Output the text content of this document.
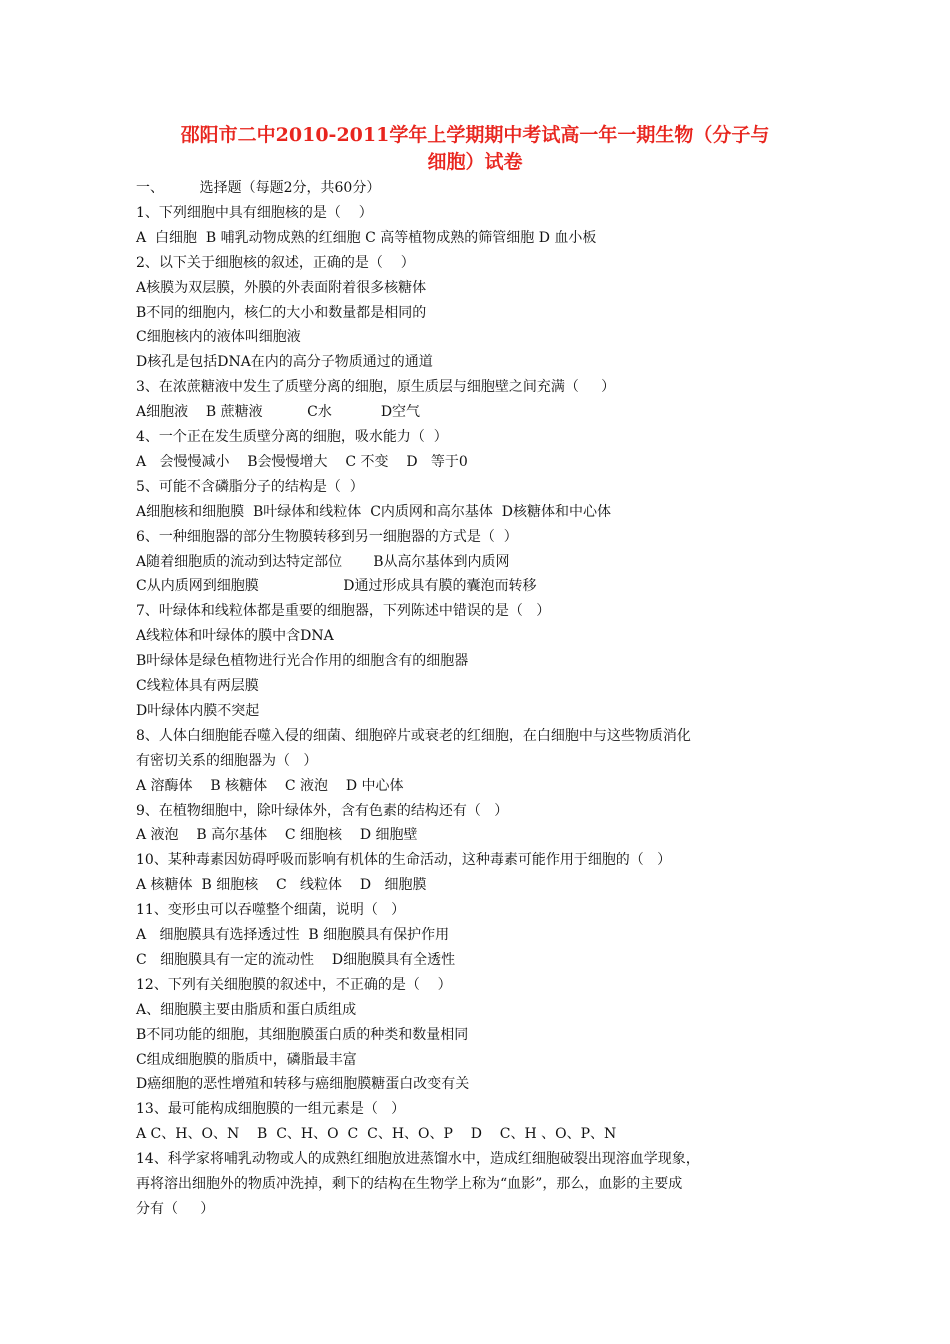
邵阳市二中2010-2011学年上学期期中考试高一年一期生物（分子与
细胞）试卷

一、        选择题（每题2分，共60分）

1、下列细胞中具有细胞核的是（    ）

A  白细胞  B 哺乳动物成熟的红细胞 C 高等植物成熟的筛管细胞 D 血小板

2、以下关于细胞核的叙述，正确的是（    ）

A核膜为双层膜，外膜的外表面附着很多核糖体

B不同的细胞内，核仁的大小和数量都是相同的

C细胞核内的液体叫细胞液

D核孔是包括DNA在内的高分子物质通过的通道

3、在浓蔗糖液中发生了质壁分离的细胞，原生质层与细胞壁之间充满（     ）

A细胞液    B 蔗糖液          C水           D空气

4、一个正在发生质壁分离的细胞，吸水能力（  ）

A   会慢慢减小    B会慢慢增大    C 不变    D   等于0

5、可能不含磷脂分子的结构是（  ）

A细胞核和细胞膜  B叶绿体和线粒体  C内质网和高尔基体  D核糖体和中心体

6、一种细胞器的部分生物膜转移到另一细胞器的方式是（  ）

A随着细胞质的流动到达特定部位       B从高尔基体到内质网

C从内质网到细胞膜                   D通过形成具有膜的囊泡而转移

7、叶绿体和线粒体都是重要的细胞器，下列陈述中错误的是（   ）

A线粒体和叶绿体的膜中含DNA

B叶绿体是绿色植物进行光合作用的细胞含有的细胞器

C线粒体具有两层膜

D叶绿体内膜不突起

8、人体白细胞能吞噬入侵的细菌、细胞碎片或衰老的红细胞，在白细胞中与这些物质消化

有密切关系的细胞器为（   ）

A 溶酶体    B 核糖体    C 液泡    D 中心体

9、在植物细胞中，除叶绿体外，含有色素的结构还有（   ）

A 液泡    B 高尔基体    C 细胞核    D 细胞壁

10、某种毒素因妨碍呼吸而影响有机体的生命活动，这种毒素可能作用于细胞的（   ）

A 核糖体  B 细胞核    C   线粒体    D   细胞膜

11、变形虫可以吞噬整个细菌，说明（   ）

A   细胞膜具有选择透过性  B 细胞膜具有保护作用

C   细胞膜具有一定的流动性    D细胞膜具有全透性

12、下列有关细胞膜的叙述中，不正确的是（    ）

A、细胞膜主要由脂质和蛋白质组成

B不同功能的细胞，其细胞膜蛋白质的种类和数量相同

C组成细胞膜的脂质中，磷脂最丰富

D癌细胞的恶性增殖和转移与癌细胞膜糖蛋白改变有关

13、最可能构成细胞膜的一组元素是（   ）

A C、H、O、N    B  C、H、O  C  C、H、O、P    D    C、H 、O、P、N

14、科学家将哺乳动物或人的成熟红细胞放进蒸馏水中，造成红细胞破裂出现溶血学现象，

再将溶出细胞外的物质冲洗掉，剩下的结构在生物学上称为“血影”，那么，血影的主要成

分有（     ）
